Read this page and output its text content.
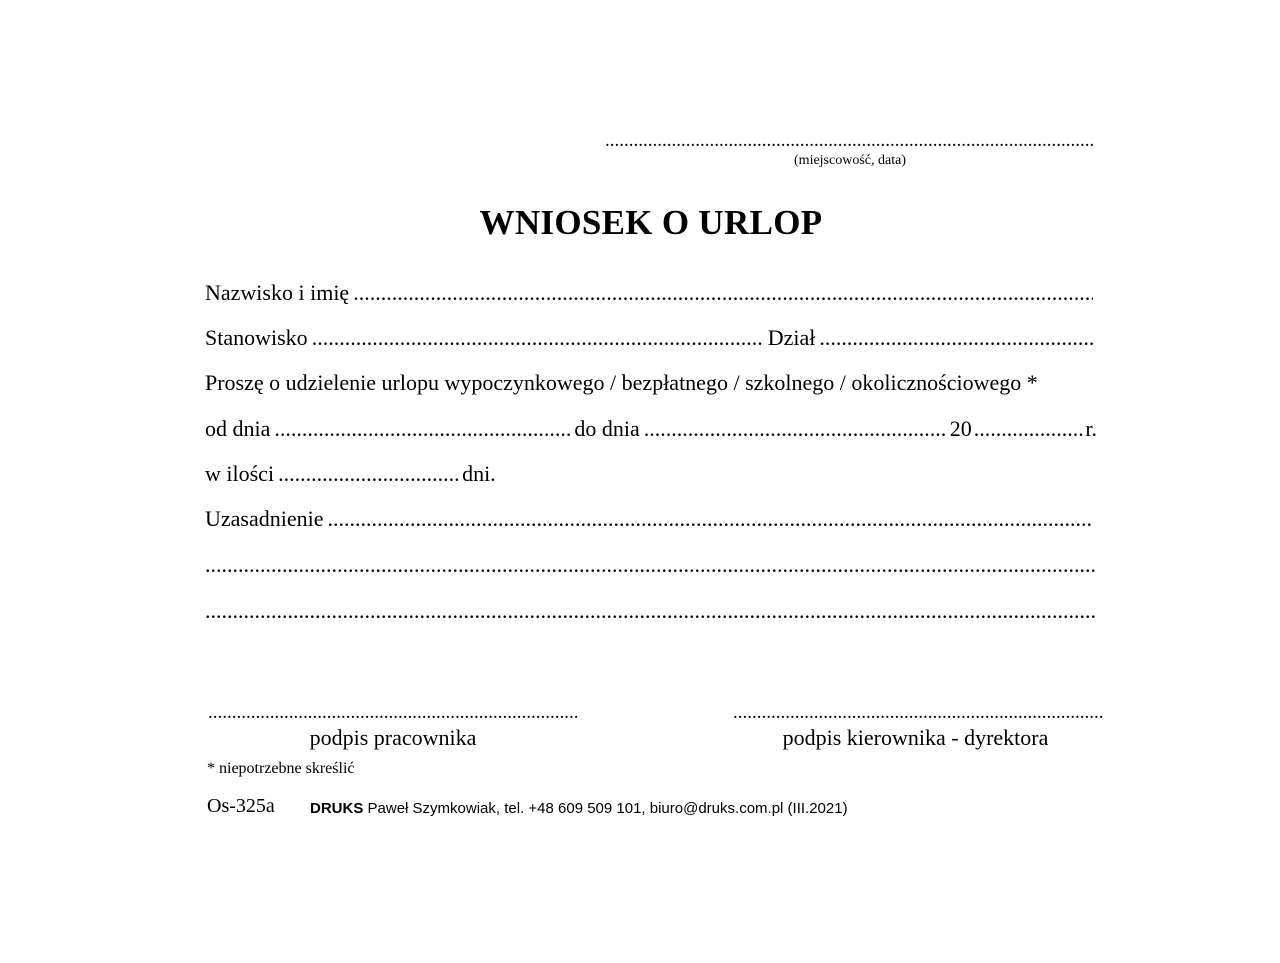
.....
(miejscowość, data)
WNIOSEK O URLOP
Nazwisko i imię
.....
Stanowisko .....	Dział
.....
Proszę o udzielenie urlopu wypoczynkowego / bezpłatnego / szkolnego / okolicznościowego *
od dnia .....	do dnia .....	20 .....	r.
w ilości .....	dni.
Uzasadnienie
.....
.....
.....
.....
.....
podpis pracownika	podpis kierownika - dyrektora
* niepotrzebne skreślić
Os-325a DRUKS Paweł Szymkowiak, tel. +48 609 509 101, biuro@druks.com.pl (III.2021)
